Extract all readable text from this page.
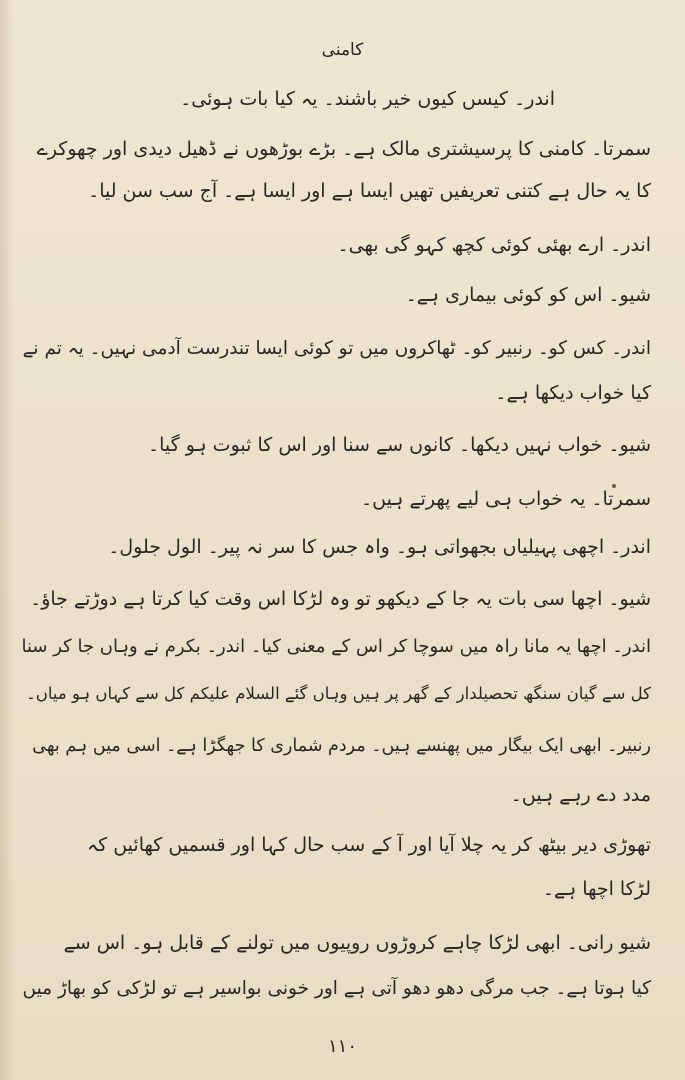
کامنی
اندر۔ کیسں کیوں خیر باشند۔ یہ کیا بات ہوئی۔
سمرتا۔ کامنی کا پرسیشتری مالک ہے۔ بڑے بوڑھوں نے ڈھیل دیدی اور چھوکرے
کا یہ حال ہے کتنی تعریفیں تھیں ایسا ہے اور ایسا ہے۔ آج سب سن لیا۔
اندر۔ ارے بھئی کوئی کچھ کہو گی بھی۔
شیو۔ اس کو کوئی بیماری ہے۔
اندر۔ کس کو۔ رنبیر کو۔ ٹھاکروں میں تو کوئی ایسا تندرست آدمی نہیں۔ یہ تم نے
کیا خواب دیکھا ہے۔
شیو۔ خواب نہیں دیکھا۔ کانوں سے سنا اور اس کا ثبوت ہو گیا۔
سمرتا۔ یہ خواب ہی لیے پھرتے ہیں۔
اندر۔ اچھی پہیلیاں بجھواتی ہو۔ واہ جس کا سر نہ پیر۔ الول جلول۔
شیو۔ اچھا سی بات یہ جا کے دیکھو تو وہ لڑکا اس وقت کیا کرتا ہے دوڑتے جاؤ۔
اندر۔ اچھا یہ مانا راہ میں سوچا کر اس کے معنی کیا۔ اندر۔ بکرم نے وہاں جا کر سنا
کل سے گیان سنگھ تحصیلدار کے گھر پر ہیں وہاں گئے السلام علیکم کل سے کہاں ہو میاں۔
رنبیر۔ ابھی ایک بیگار میں پھنسے ہیں۔ مردم شماری کا جھگڑا ہے۔ اسی میں ہم بھی
مدد دے رہے ہیں۔
تھوڑی دیر بیٹھ کر یہ چلا آیا اور آ کے سب حال کہا اور قسمیں کھائیں کہ
لڑکا اچھا ہے۔
شیو رانی۔ ابھی لڑکا چاہے کروڑوں روپیوں میں تولنے کے قابل ہو۔ اس سے
کیا ہوتا ہے۔ جب مرگی دھو دھو آتی ہے اور خونی بواسیر ہے تو لڑکی کو بھاڑ میں
۱۱۰
